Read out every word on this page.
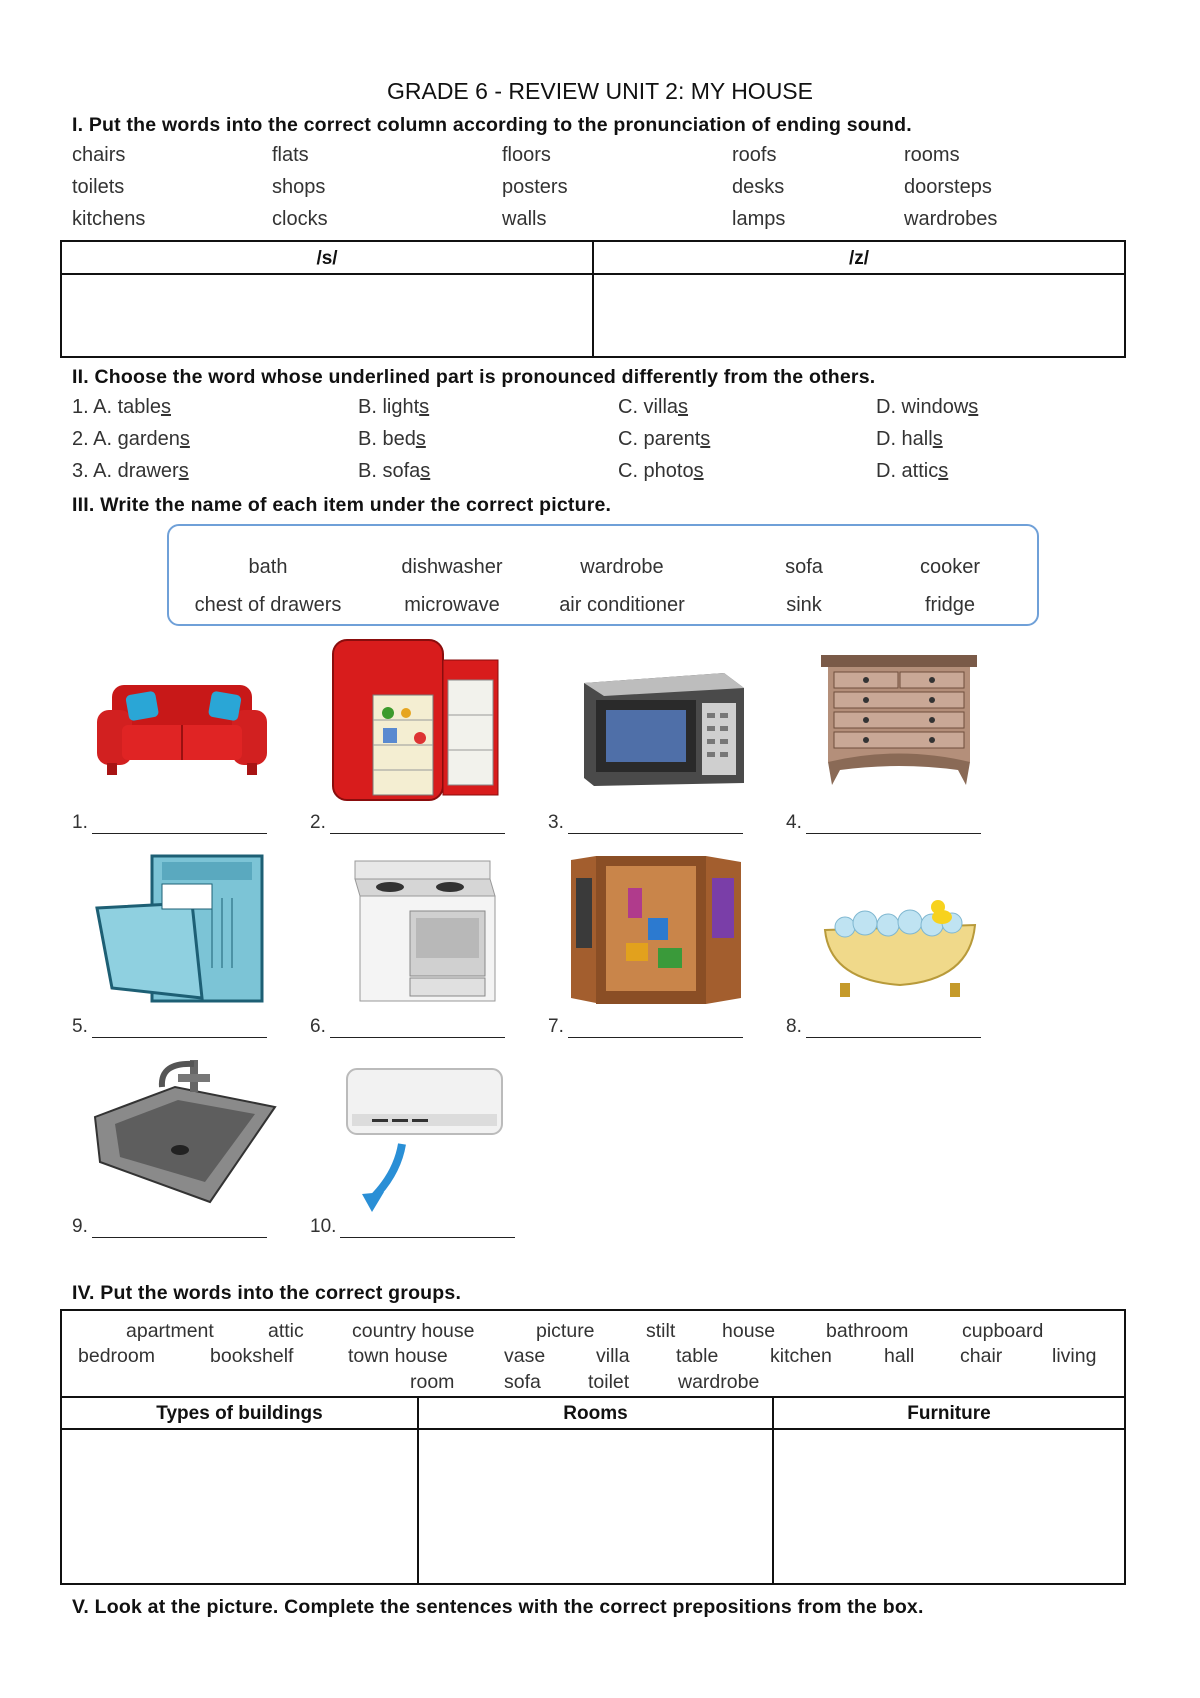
GRADE 6 - REVIEW UNIT 2: MY HOUSE
I. Put the words into the correct column according to the pronunciation of ending sound.
chairs	flats	floors	roofs	rooms
toilets	shops	posters	desks	doorsteps
kitchens	clocks	walls	lamps	wardrobes
/s/	/z/
II. Choose the word whose underlined part is pronounced differently from the others.
1. A. tables	B. lights	C. villas	D. windows
2. A. gardens	B. beds	C. parents	D. halls
3. A. drawers	B. sofas	C. photos	D. attics
III. Write the name of each item under the correct picture.
bath	dishwasher	wardrobe	sofa	cooker
chest of drawers	microwave	air conditioner	sink	fridge
1.	2.	3.	4.
5.	6.	7.	8.
9.	10.
IV. Put the words into the correct groups.
Types of buildings	Rooms	Furniture
apartment	attic country house	picture	stilt house	bathroom	cupboard
bedroom	bookshelf	town house	vase	villa table	kitchen	hall chair	living
room	sofa toilet	wardrobe
V. Look at the picture. Complete the sentences with the correct prepositions from the box.
